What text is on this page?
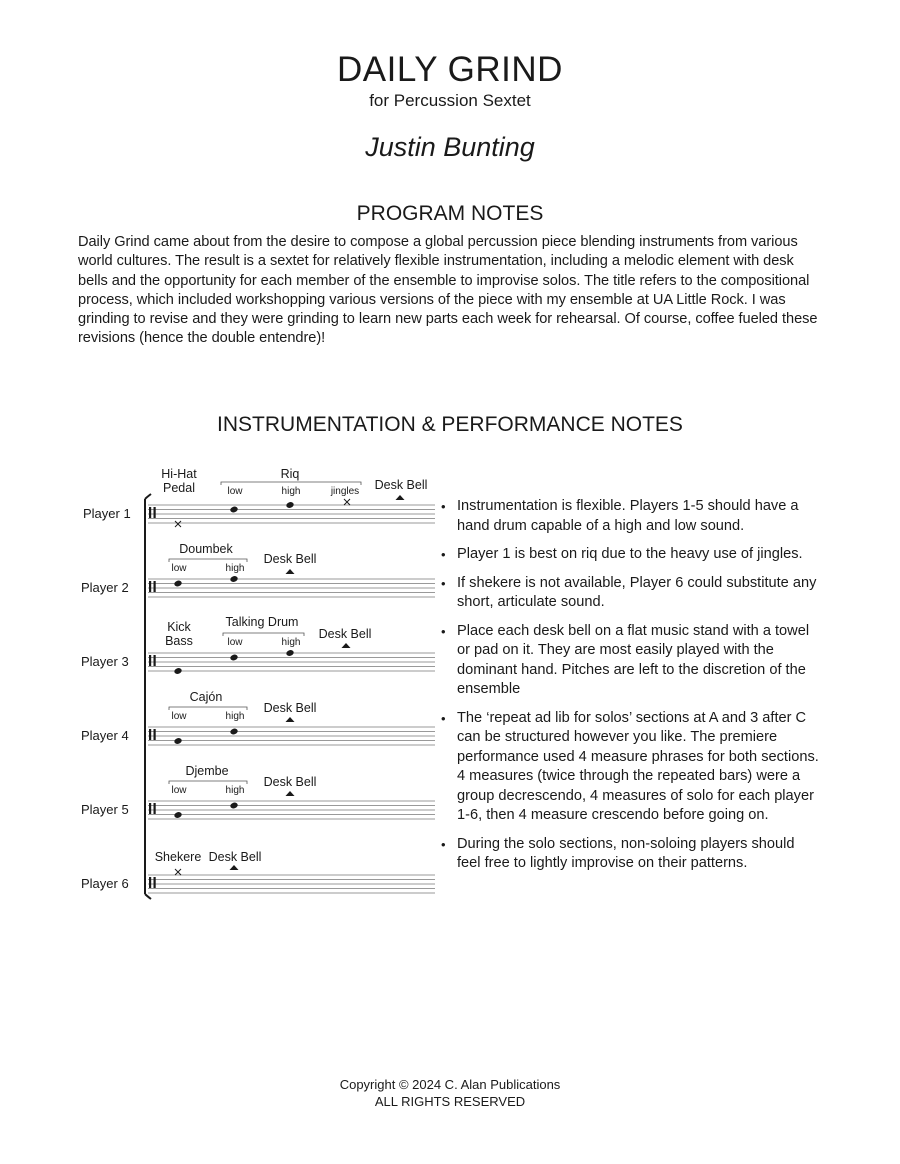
DAILY GRIND
for Percussion Sextet
Justin Bunting
PROGRAM NOTES
Daily Grind came about from the desire to compose a global percussion piece blending instruments from various world cultures. The result is a sextet for relatively flexible instrumentation, including a melodic element with desk bells and the opportunity for each member of the ensemble to improvise solos. The title refers to the compositional process, which included workshopping various versions of the piece with my ensemble at UA Little Rock. I was grinding to revise and they were grinding to learn new parts each week for rehearsal. Of course, coffee fueled these revisions (hence the double entendre)!
INSTRUMENTATION & PERFORMANCE NOTES
Player 1
Hi-Hat
Pedal
Riq
low	high	jingles Desk Bell
Player 2
Doumbek
low	high
Desk Bell
Player 3
Kick
Bass
Talking Drum
low	high
Desk Bell
Player 4
Cajón
low	high
Desk Bell
Player 5
Djembe
low	high
Desk Bell
Player 6
Shekere Desk Bell
• Instrumentation is flexible. Players 1-5 should have a hand drum capable of a high and low sound.
• Player 1 is best on riq due to the heavy use of jingles.
• If shekere is not available, Player 6 could substitute any short, articulate sound.
• Place each desk bell on a flat music stand with a towel or pad on it. They are most easily played with the dominant hand. Pitches are left to the discretion of the ensemble
• The ‘repeat ad lib for solos’ sections at A and 3 after C can be structured however you like. The premiere performance used 4 measure phrases for both sections. 4 measures (twice through the repeated bars) were a group decrescendo, 4 measures of solo for each player 1-6, then 4 measure crescendo before going on.
• During the solo sections, non-soloing players should feel free to lightly improvise on their patterns.
Copyright © 2024 C. Alan Publications
ALL RIGHTS RESERVED
